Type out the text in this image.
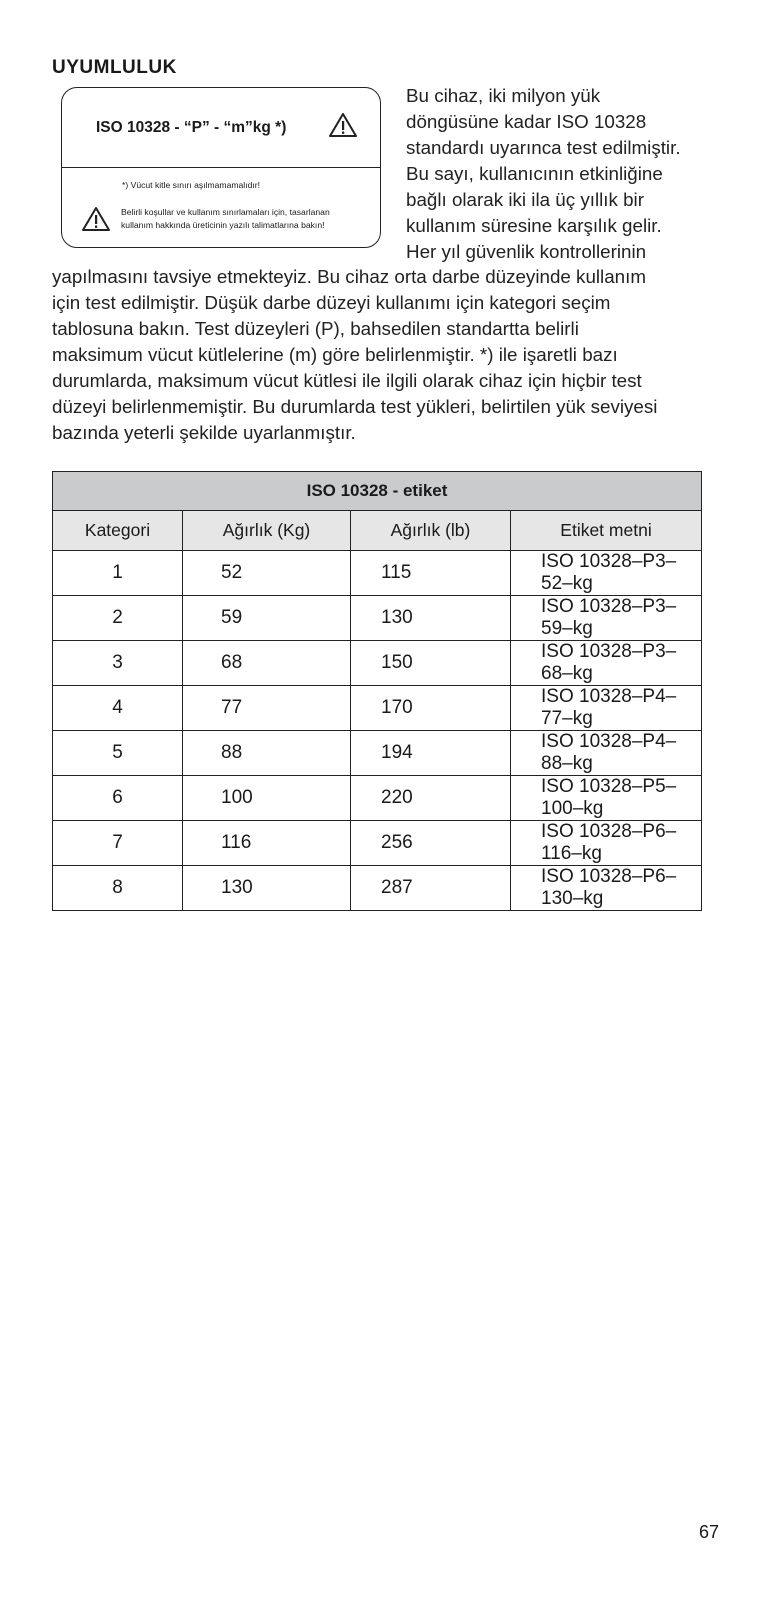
UYUMLULUK
ISO 10328 - “P” - “m”kg *)
*) Vücut kitle sınırı aşılmamamalıdır!
Belirli koşullar ve kullanım sınırlamaları için, tasarlanan
kullanım hakkında üreticinin yazılı talimatlarına bakın!
Bu cihaz, iki milyon yük
döngüsüne kadar ISO 10328
standardı uyarınca test edilmiştir.
Bu sayı, kullanıcının etkinliğine
bağlı olarak iki ila üç yıllık bir
kullanım süresine karşılık gelir.
Her yıl güvenlik kontrollerinin
yapılmasını tavsiye etmekteyiz. Bu cihaz orta darbe düzeyinde kullanım
için test edilmiştir. Düşük darbe düzeyi kullanımı için kategori seçim
tablosuna bakın. Test düzeyleri (P), bahsedilen standartta belirli
maksimum vücut kütlelerine (m) göre belirlenmiştir. *) ile işaretli bazı
durumlarda, maksimum vücut kütlesi ile ilgili olarak cihaz için hiçbir test
düzeyi belirlenmemiştir. Bu durumlarda test yükleri, belirtilen yük seviyesi
bazında yeterli şekilde uyarlanmıştır.
ISO 10328 - etiket			
Kategori	Ağırlık (Kg)	Ağırlık (lb)	Etiket metni
1	52	115	ISO 10328–P3–52–kg
2	59	130	ISO 10328–P3–59–kg
3	68	150	ISO 10328–P3–68–kg
4	77	170	ISO 10328–P4–77–kg
5	88	194	ISO 10328–P4–88–kg
6	100	220	ISO 10328–P5–100–kg
7	116	256	ISO 10328–P6–116–kg
8	130	287	ISO 10328–P6–130–kg
67
